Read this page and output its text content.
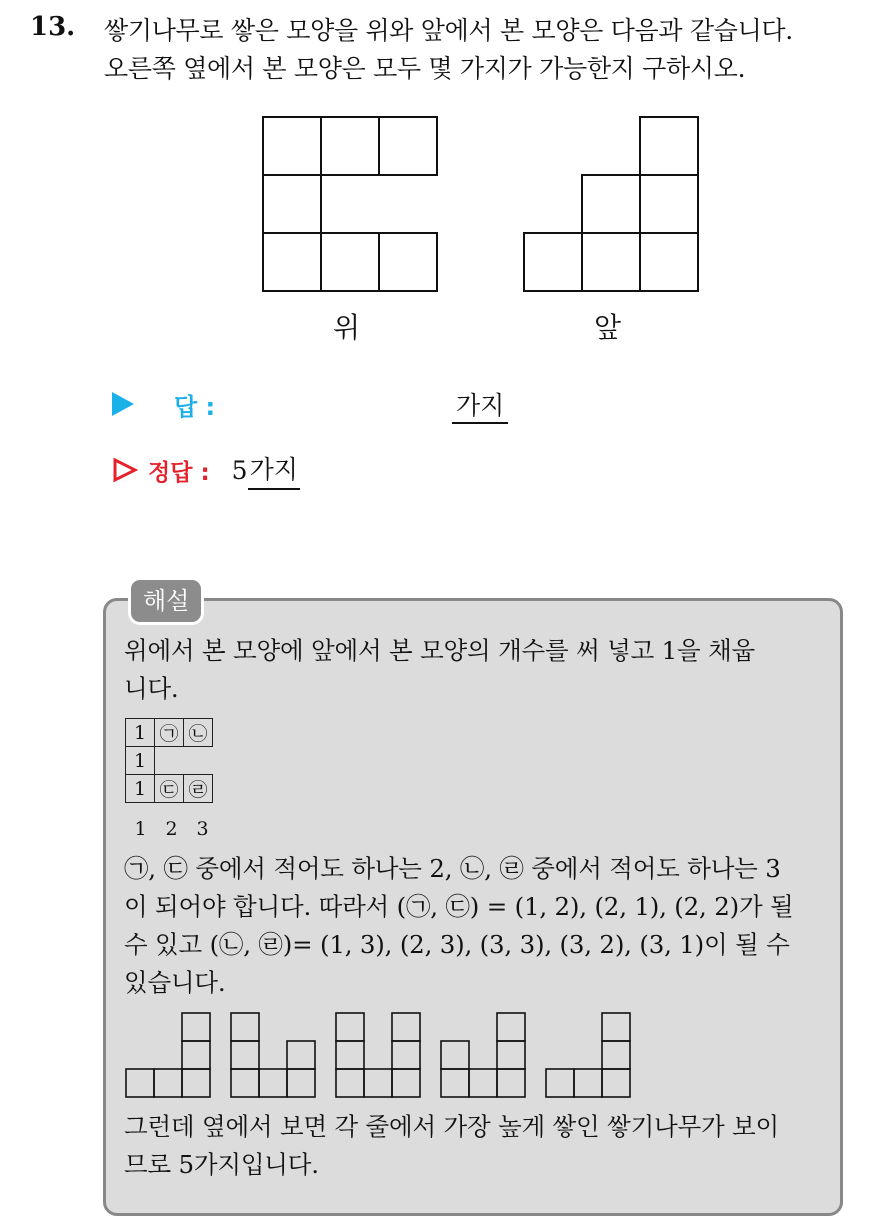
13. 쌓기나무로 쌓은 모양을 위와 앞에서 본 모양은 다음과 같습니다.
오른쪽 옆에서 본 모양은 모두 몇 가지가 가능한지 구하시오.
위	앞
답 :	가지
정답 : 5 가지
해설
위에서 본 모양에 앞에서 본 모양의 개수를 써 넣고 1을 채웁
니다.
1	㉠	㉡
1		
1	㉢	㉣
1 2 3
㉠, ㉢ 중에서 적어도 하나는 2, ㉡, ㉣ 중에서 적어도 하나는 3
이 되어야 합니다. 따라서 (㉠, ㉢) = (1, 2), (2, 1), (2, 2)가 될
수 있고 (㉡, ㉣)= (1, 3), (2, 3), (3, 3), (3, 2), (3, 1)이 될 수
있습니다.
그런데 옆에서 보면 각 줄에서 가장 높게 쌓인 쌓기나무가 보이
므로 5가지입니다.
